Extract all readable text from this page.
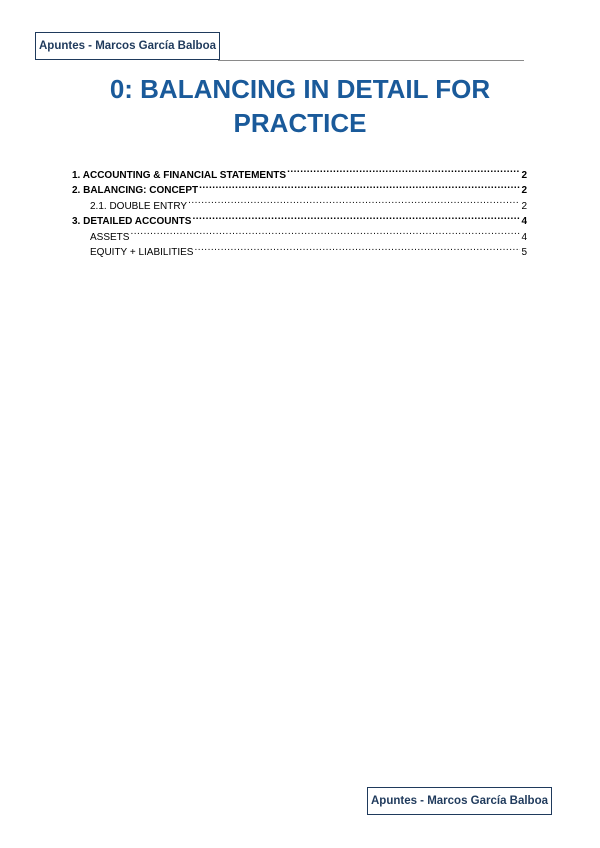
Apuntes - Marcos García Balboa
0: BALANCING IN DETAIL FOR
PRACTICE
1. ACCOUNTING & FINANCIAL STATEMENTS .....	2
2. BALANCING: CONCEPT .....	2
2.1. DOUBLE ENTRY .....	2
3. DETAILED ACCOUNTS .....	4
ASSETS .....	4
EQUITY + LIABILITIES .....	5
Apuntes - Marcos García Balboa
